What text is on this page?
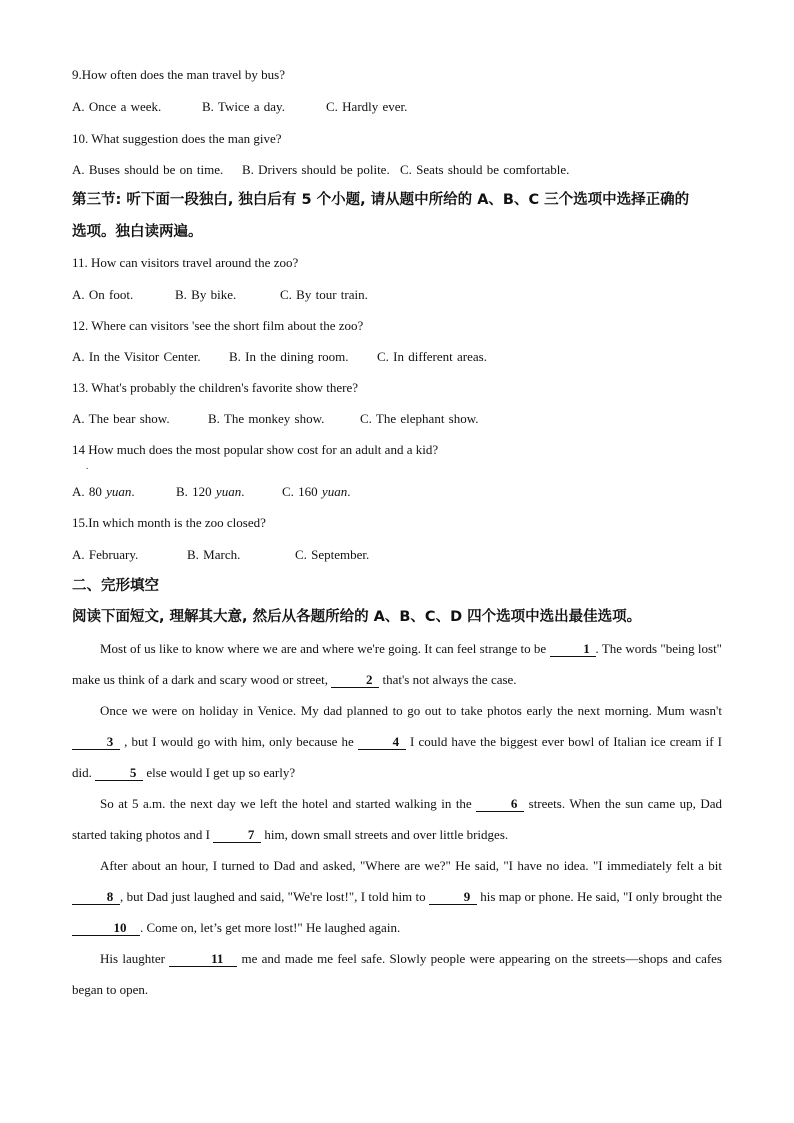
9.How often does the man travel by bus?
A. Once a week.	B. Twice a day.	C. Hardly ever.
10. What suggestion does the man give?
A. Buses should be on time. B. Drivers should be polite. C. Seats should be comfortable.
第三节: 听下面一段独白, 独白后有 5 个小题, 请从题中所给的 A、B、C 三个选项中选择正确的
选项。独白读两遍。
11. How can visitors travel around the zoo?
A. On foot.	B. By bike.	C. By tour train.
12. Where can visitors 'see the short film about the zoo?
A. In the Visitor Center. B. In the dining room. C. In different areas.
13. What's probably the children's favorite show there?
A. The bear show.	B. The monkey show.	C. The elephant show.
14 How much does the most popular show cost for an adult and a kid?
.
A. 80 yuan.	B. 120 yuan.	C. 160 yuan.
15.In which month is the zoo closed?
A. February.	B. March.	C. September.
二、完形填空
阅读下面短文, 理解其大意, 然后从各题所给的 A、B、C、D 四个选项中选出最佳选项。

Most of us like to know where we are and where we're going. It can feel strange to be	1 . The words "being lost" make us think of a dark and scary wood or street,	2 that's not always the case.

Once we were on holiday in Venice. My dad planned to go out to take photos early the next morning. Mum wasn't 3 , but I would go with him, only because he	4 I could have the biggest ever bowl of Italian ice cream if I did.	5 else would I get up so early?

So at 5 a.m. the next day we left the hotel and started walking in the	6 streets. When the sun came up, Dad started taking photos and I	7 him, down small streets and over little bridges.

After about an hour, I turned to Dad and asked, "Where are we?" He said, "I have no idea. "I immediately felt a bit 8 , but Dad just laughed and said, "We're lost!", I told him to	9 his map or phone. He said, "I only brought the 10 . Come on, let’s get more lost!" He laughed again.

His laughter	11 me and made me feel safe. Slowly people were appearing on the streets—shops and cafes began to open.
